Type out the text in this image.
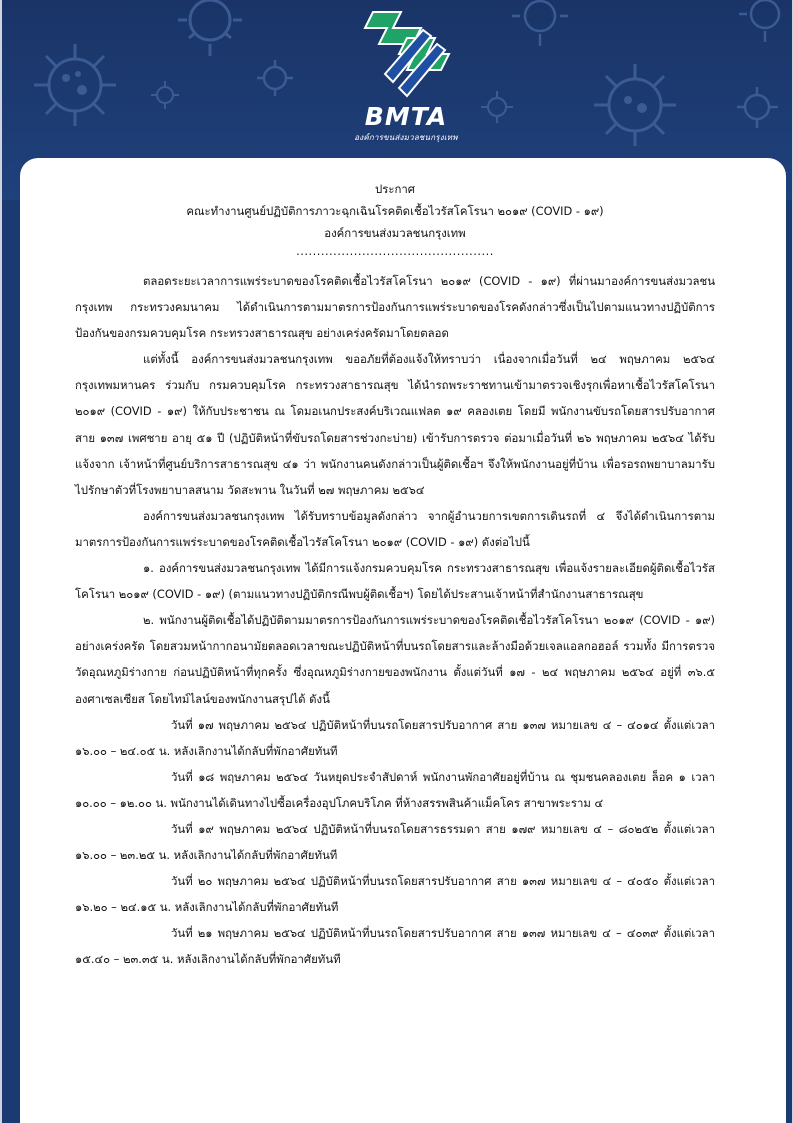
BMTA
องค์การขนส่งมวลชนกรุงเทพ
ประกาศ
คณะทำงานศูนย์ปฏิบัติการภาวะฉุกเฉินโรคติดเชื้อไวรัสโคโรนา ๒๐๑๙ (COVID - ๑๙)
องค์การขนส่งมวลชนกรุงเทพ
................................................

ตลอดระยะเวลาการแพร่ระบาดของโรคติดเชื้อไวรัสโคโรนา ๒๐๑๙ (COVID - ๑๙) ที่ผ่านมาองค์การขนส่งมวลชนกรุงเทพ กระทรวงคมนาคม ได้ดำเนินการตามมาตรการป้องกันการแพร่ระบาดของโรคดังกล่าวซึ่งเป็นไปตามแนวทางปฏิบัติการป้องกันของกรมควบคุมโรค กระทรวงสาธารณสุข อย่างเคร่งครัดมาโดยตลอด

แต่ทั้งนี้ องค์การขนส่งมวลชนกรุงเทพ ขออภัยที่ต้องแจ้งให้ทราบว่า เนื่องจากเมื่อวันที่ ๒๔ พฤษภาคม ๒๕๖๔ กรุงเทพมหานคร ร่วมกับ กรมควบคุมโรค กระทรวงสาธารณสุข ได้นำรถพระราชทานเข้ามาตรวจเชิงรุกเพื่อหาเชื้อไวรัสโคโรนา ๒๐๑๙ (COVID - ๑๙) ให้กับประชาชน ณ โดมอเนกประสงค์บริเวณแฟลต ๑๙ คลองเตย โดยมี พนักงานขับรถโดยสารปรับอากาศ สาย ๑๓๗ เพศชาย อายุ ๕๑ ปี (ปฏิบัติหน้าที่ขับรถโดยสารช่วงกะบ่าย) เข้ารับการตรวจ ต่อมาเมื่อวันที่ ๒๖ พฤษภาคม ๒๕๖๔ ได้รับแจ้งจาก เจ้าหน้าที่ศูนย์บริการสาธารณสุข ๔๑ ว่า พนักงานคนดังกล่าวเป็นผู้ติดเชื้อฯ จึงให้พนักงานอยู่ที่บ้าน เพื่อรอรถพยาบาลมารับไปรักษาตัวที่โรงพยาบาลสนาม วัดสะพาน ในวันที่ ๒๗ พฤษภาคม ๒๕๖๔

องค์การขนส่งมวลชนกรุงเทพ ได้รับทราบข้อมูลดังกล่าว จากผู้อำนวยการเขตการเดินรถที่ ๔ จึงได้ดำเนินการตามมาตรการป้องกันการแพร่ระบาดของโรคติดเชื้อไวรัสโคโรนา ๒๐๑๙ (COVID - ๑๙) ดังต่อไปนี้

๑. องค์การขนส่งมวลชนกรุงเทพ ได้มีการแจ้งกรมควบคุมโรค กระทรวงสาธารณสุข เพื่อแจ้งรายละเอียดผู้ติดเชื้อไวรัสโคโรนา ๒๐๑๙ (COVID - ๑๙) (ตามแนวทางปฏิบัติกรณีพบผู้ติดเชื้อฯ) โดยได้ประสานเจ้าหน้าที่สำนักงานสาธารณสุข

๒. พนักงานผู้ติดเชื้อได้ปฏิบัติตามมาตรการป้องกันการแพร่ระบาดของโรคติดเชื้อไวรัสโคโรนา ๒๐๑๙ (COVID - ๑๙) อย่างเคร่งครัด โดยสวมหน้ากากอนามัยตลอดเวลาขณะปฏิบัติหน้าที่บนรถโดยสารและล้างมือด้วยเจลแอลกอฮอล์ รวมทั้ง มีการตรวจวัดอุณหภูมิร่างกาย ก่อนปฏิบัติหน้าที่ทุกครั้ง ซึ่งอุณหภูมิร่างกายของพนักงาน ตั้งแต่วันที่ ๑๗ - ๒๔ พฤษภาคม ๒๕๖๔ อยู่ที่ ๓๖.๕ องศาเซลเซียส โดยไทม์ไลน์ของพนักงานสรุปได้ ดังนี้

วันที่ ๑๗ พฤษภาคม ๒๕๖๔ ปฏิบัติหน้าที่บนรถโดยสารปรับอากาศ สาย ๑๓๗ หมายเลข ๔ – ๔๐๑๔ ตั้งแต่เวลา ๑๖.๐๐ – ๒๔.๐๕ น. หลังเลิกงานได้กลับที่พักอาศัยทันที

วันที่ ๑๘ พฤษภาคม ๒๕๖๔ วันหยุดประจำสัปดาห์ พนักงานพักอาศัยอยู่ที่บ้าน ณ ชุมชนคลองเตย ล็อค ๑ เวลา ๑๐.๐๐ – ๑๒.๐๐ น. พนักงานได้เดินทางไปซื้อเครื่องอุปโภคบริโภค ที่ห้างสรรพสินค้าแม็คโคร สาขาพระราม ๔

วันที่ ๑๙ พฤษภาคม ๒๕๖๔ ปฏิบัติหน้าที่บนรถโดยสารธรรมดา สาย ๑๗๙ หมายเลข ๔ – ๘๐๒๕๒ ตั้งแต่เวลา ๑๖.๐๐ – ๒๓.๒๕ น. หลังเลิกงานได้กลับที่พักอาศัยทันที

วันที่ ๒๐ พฤษภาคม ๒๕๖๔ ปฏิบัติหน้าที่บนรถโดยสารปรับอากาศ สาย ๑๓๗ หมายเลข ๔ – ๔๐๕๐ ตั้งแต่เวลา ๑๖.๒๐ – ๒๔.๑๕ น. หลังเลิกงานได้กลับที่พักอาศัยทันที

วันที่ ๒๑ พฤษภาคม ๒๕๖๔ ปฏิบัติหน้าที่บนรถโดยสารปรับอากาศ สาย ๑๓๗ หมายเลข ๔ – ๔๐๓๙ ตั้งแต่เวลา ๑๕.๔๐ – ๒๓.๓๕ น. หลังเลิกงานได้กลับที่พักอาศัยทันที
